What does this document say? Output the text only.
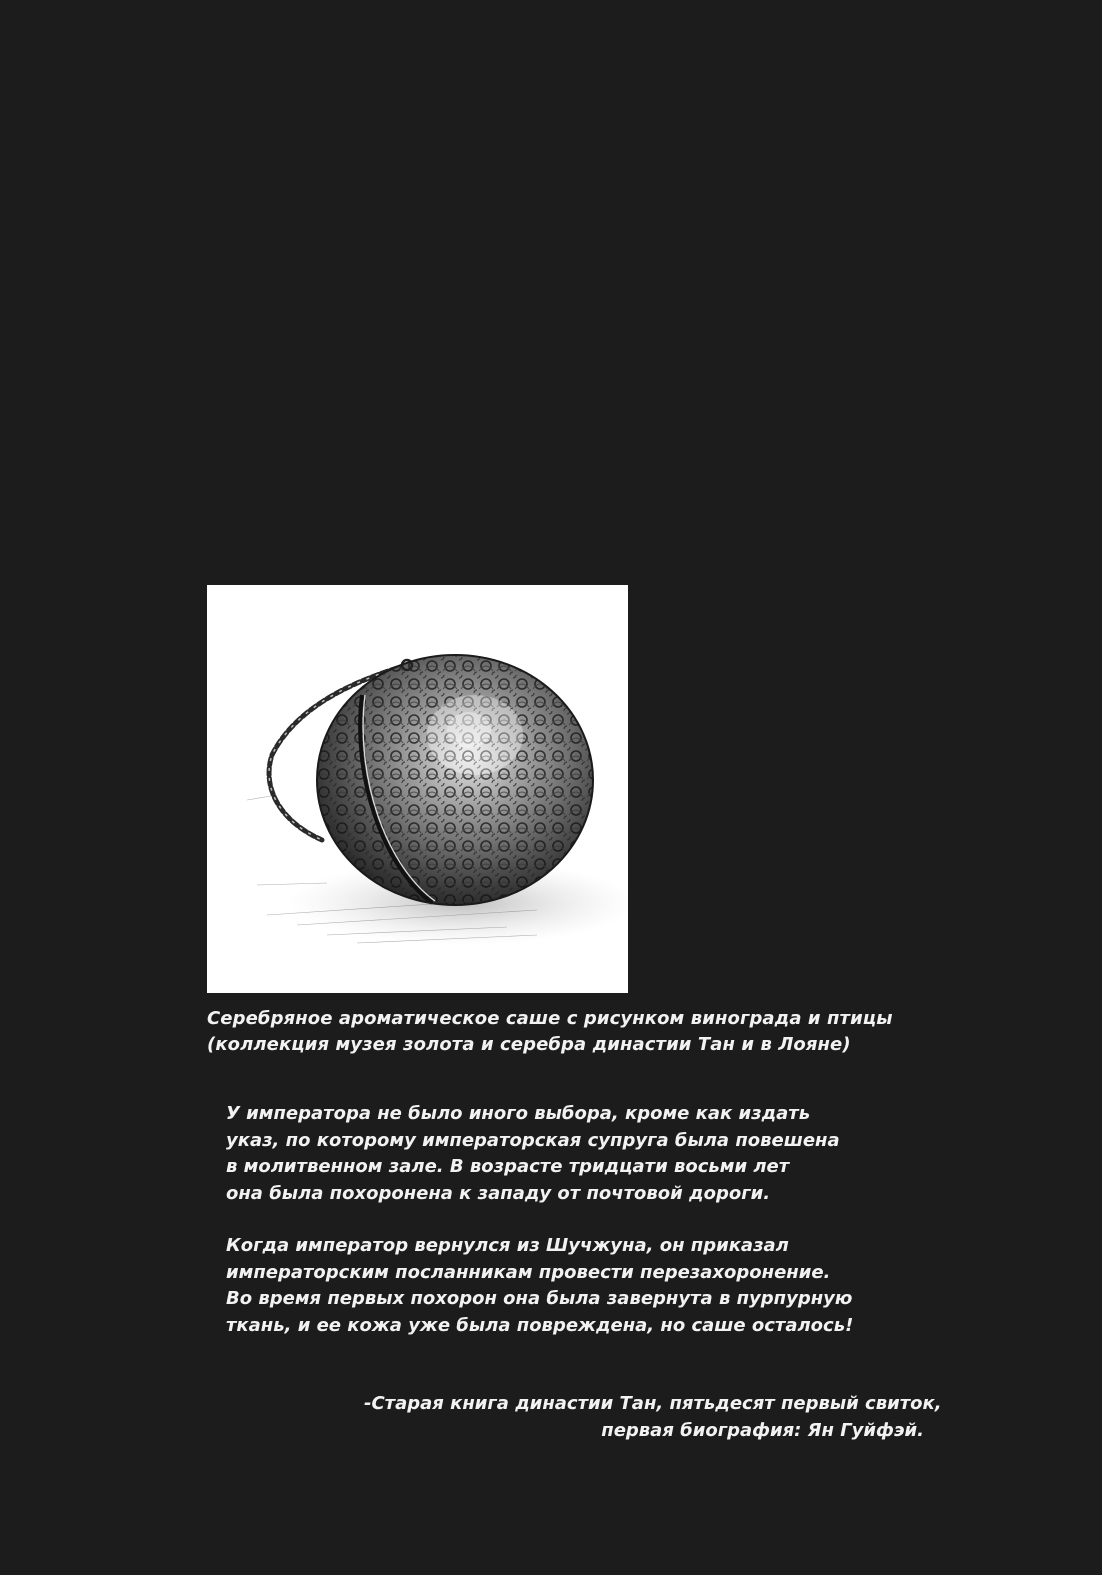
Серебряное ароматическое саше с рисунком винограда и птицы
(коллекция музея золота и серебра династии Тан и в Лояне)
У императора не было иного выбора, кроме как издать
указ, по которому императорская супруга была повешена
в молитвенном зале. В возрасте тридцати восьми лет
она была похоронена к западу от почтовой дороги.
Когда император вернулся из Шучжуна, он приказал
императорским посланникам провести перезахоронение.
Во время первых похорон она была завернута в пурпурную
ткань, и ее кожа уже была повреждена, но саше осталось!
-Старая книга династии Тан, пятьдесят первый свиток,
первая биография: Ян Гуйфэй.
